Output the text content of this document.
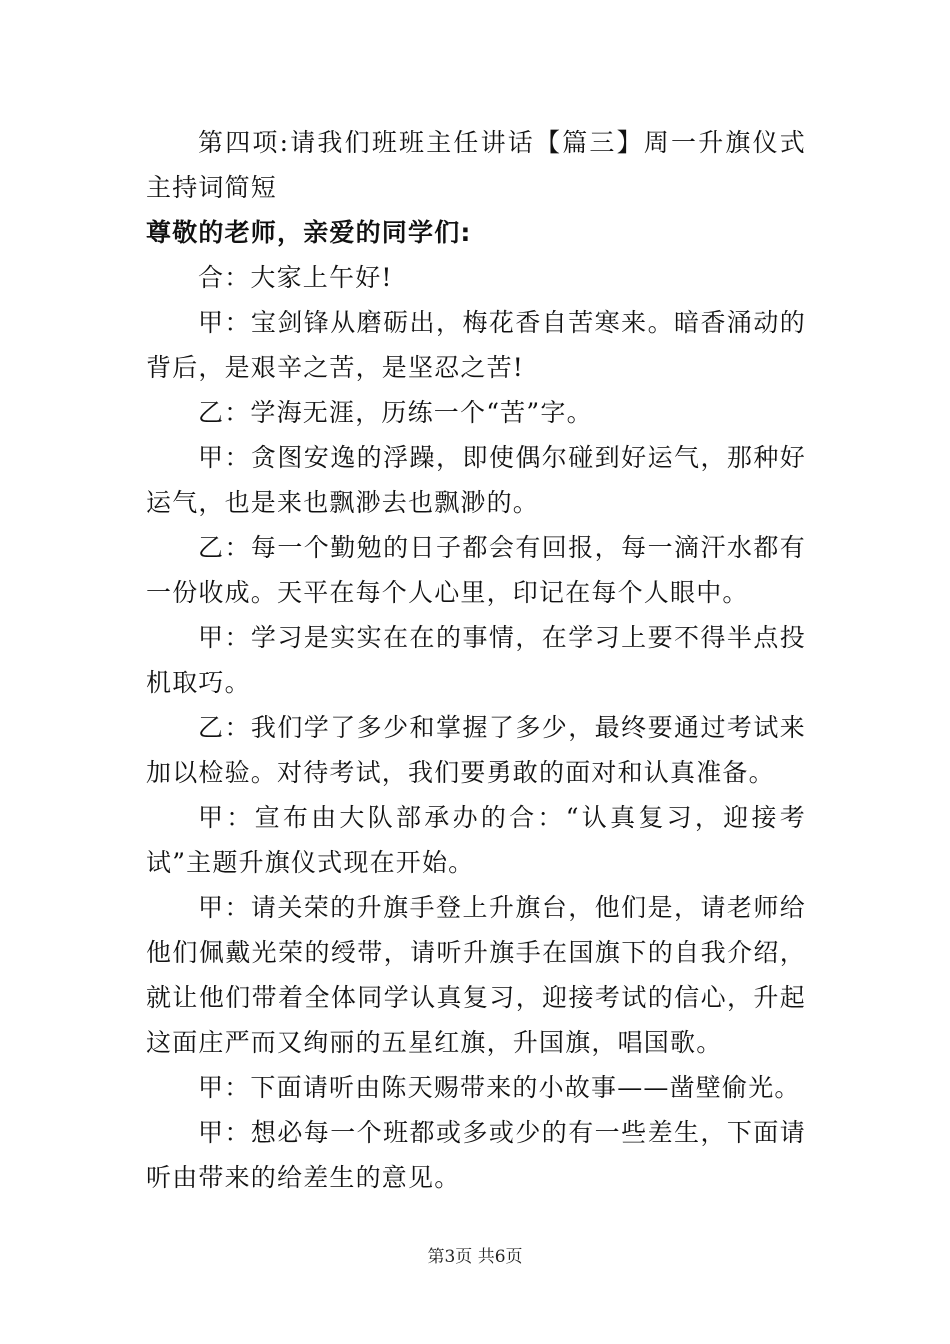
第四项:请我们班班主任讲话【篇三】周一升旗仪式主持词简短

尊敬的老师，亲爱的同学们:

合：大家上午好!

甲：宝剑锋从磨砺出，梅花香自苦寒来。暗香涌动的背后，是艰辛之苦，是坚忍之苦!

乙：学海无涯，历练一个“苦”字。

甲：贪图安逸的浮躁，即使偶尔碰到好运气，那种好运气，也是来也飘渺去也飘渺的。

乙：每一个勤勉的日子都会有回报，每一滴汗水都有一份收成。天平在每个人心里，印记在每个人眼中。

甲：学习是实实在在的事情，在学习上要不得半点投机取巧。

乙：我们学了多少和掌握了多少，最终要通过考试来加以检验。对待考试，我们要勇敢的面对和认真准备。

甲：宣布由大队部承办的合：“认真复习，迎接考试”主题升旗仪式现在开始。

甲：请关荣的升旗手登上升旗台，他们是，请老师给他们佩戴光荣的绶带，请听升旗手在国旗下的自我介绍，就让他们带着全体同学认真复习，迎接考试的信心，升起这面庄严而又绚丽的五星红旗，升国旗，唱国歌。

甲：下面请听由陈天赐带来的小故事——凿壁偷光。

甲：想必每一个班都或多或少的有一些差生，下面请听由带来的给差生的意见。

第3页 共6页
